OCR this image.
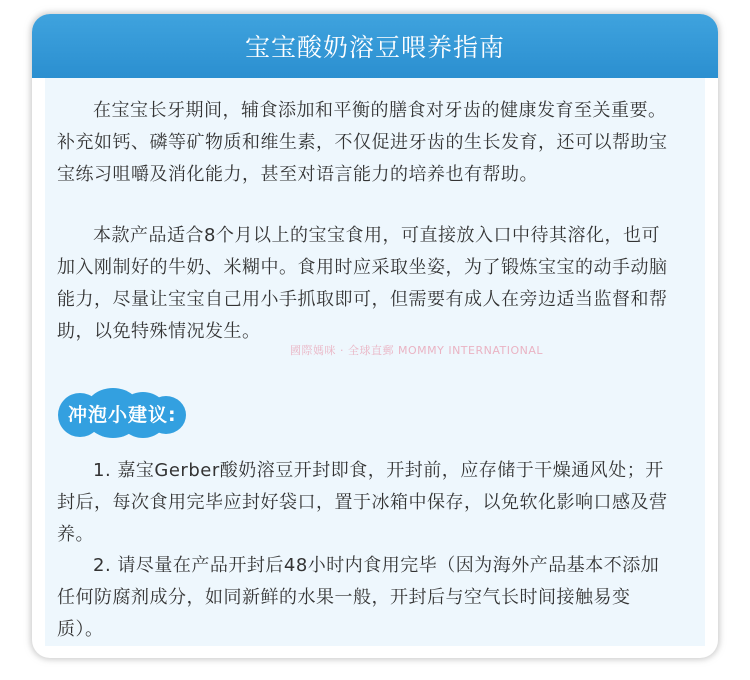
宝宝酸奶溶豆喂养指南

在宝宝长牙期间，辅食添加和平衡的膳食对牙齿的健康发育至关重要。补充如钙、磷等矿物质和维生素，不仅促进牙齿的生长发育，还可以帮助宝宝练习咀嚼及消化能力，甚至对语言能力的培养也有帮助。

本款产品适合8个月以上的宝宝食用，可直接放入口中待其溶化，也可加入刚制好的牛奶、米糊中。食用时应采取坐姿，为了锻炼宝宝的动手动脑能力，尽量让宝宝自己用小手抓取即可，但需要有成人在旁边适当监督和帮助，以免特殊情况发生。

國際媽咪 · 全球直郵 MOMMY INTERNATIONAL
冲泡小建议:

1. 嘉宝Gerber酸奶溶豆开封即食，开封前，应存储于干燥通风处；开封后，每次食用完毕应封好袋口，置于冰箱中保存，以免软化影响口感及营养。

2. 请尽量在产品开封后48小时内食用完毕（因为海外产品基本不添加任何防腐剂成分，如同新鲜的水果一般，开封后与空气长时间接触易变质）。
